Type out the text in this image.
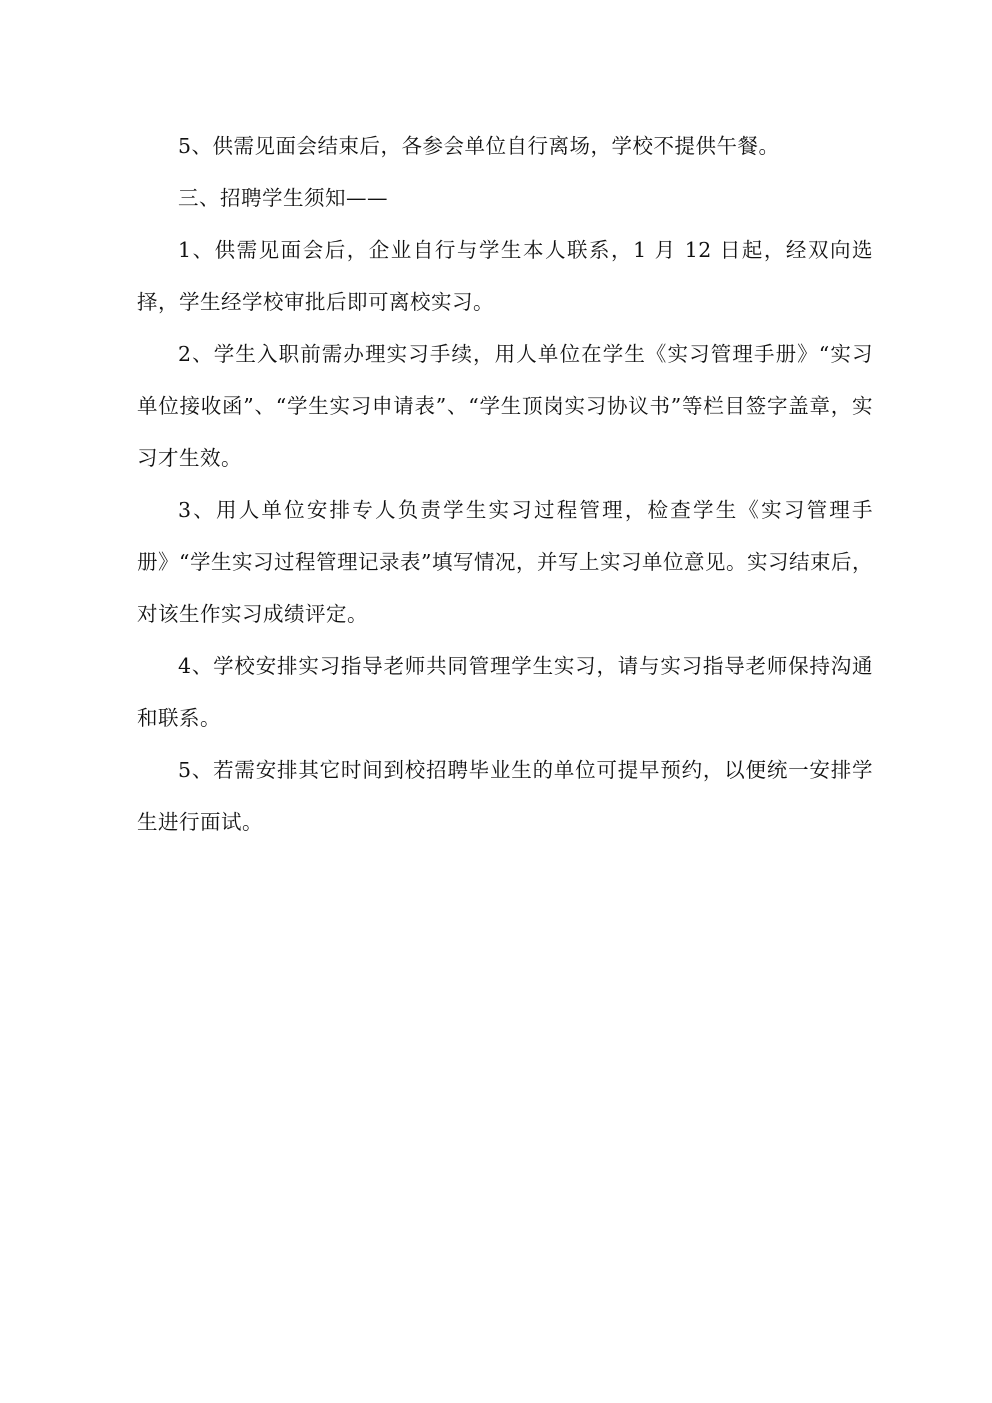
5、供需见面会结束后，各参会单位自行离场，学校不提供午餐。

三、招聘学生须知——

1、供需见面会后，企业自行与学生本人联系，1 月 12 日起，经双向选择，学生经学校审批后即可离校实习。

2、学生入职前需办理实习手续，用人单位在学生《实习管理手册》“实习单位接收函”、“学生实习申请表”、“学生顶岗实习协议书”等栏目签字盖章，实习才生效。

3、用人单位安排专人负责学生实习过程管理，检查学生《实习管理手册》“学生实习过程管理记录表”填写情况，并写上实习单位意见。实习结束后，对该生作实习成绩评定。

4、学校安排实习指导老师共同管理学生实习，请与实习指导老师保持沟通和联系。

5、若需安排其它时间到校招聘毕业生的单位可提早预约，以便统一安排学生进行面试。
